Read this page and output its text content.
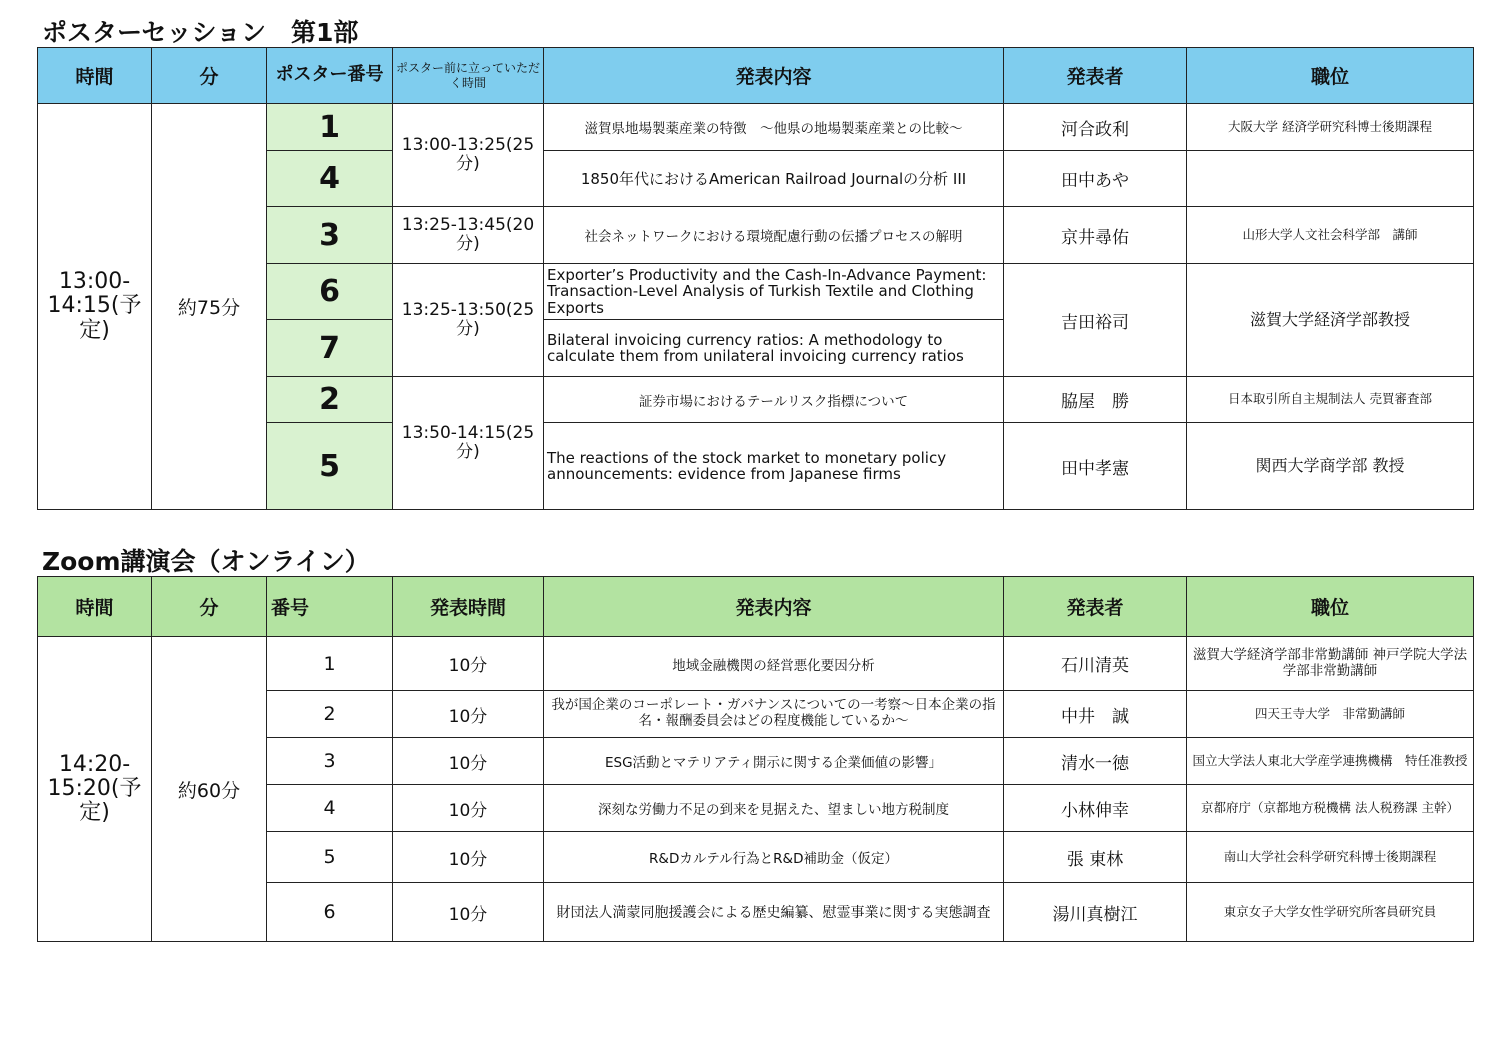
ポスターセッション　第1部
時間	分	ポスター番号	ポスター前に立っていただく時間	発表内容	発表者	職位
13:00-14:15(予定)	約75分	1	13:00-13:25(25分)	滋賀県地場製薬産業の特徴　～他県の地場製薬産業との比較～	河合政利	大阪大学 経済学研究科博士後期課程
		4		1850年代におけるAmerican Railroad Journalの分析 III	田中あや	
		3	13:25-13:45(20分)	社会ネットワークにおける環境配慮行動の伝播プロセスの解明	京井尋佑	山形大学人文社会科学部　講師
		6	13:25-13:50(25分)	Exporter’s Productivity and the Cash-In-Advance Payment: Transaction-Level Analysis of Turkish Textile and Clothing Exports	吉田裕司	滋賀大学経済学部教授
		7		Bilateral invoicing currency ratios: A methodology to calculate them from unilateral invoicing currency ratios		
		2	13:50-14:15(25分)	証券市場におけるテールリスク指標について	脇屋　勝	日本取引所自主規制法人 売買審査部
		5		The reactions of the stock market to monetary policy announcements: evidence from Japanese firms	田中孝憲	関西大学商学部 教授
Zoom講演会（オンライン）
時間	分	番号	発表時間	発表内容	発表者	職位
14:20-15:20(予定)	約60分	1	10分	地域金融機関の経営悪化要因分析	石川清英	滋賀大学経済学部非常勤講師 神戸学院大学法学部非常勤講師
		2	10分	我が国企業のコーポレート・ガバナンスについての一考察～日本企業の指名・報酬委員会はどの程度機能しているか～	中井　誠	四天王寺大学　非常勤講師
		3	10分	ESG活動とマテリアティ開示に関する企業価値の影響」	清水一徳	国立大学法人東北大学産学連携機構　特任准教授
		4	10分	深刻な労働力不足の到来を見据えた、望ましい地方税制度	小林伸幸	京都府庁（京都地方税機構 法人税務課 主幹）
		5	10分	R&Dカルテル行為とR&D補助金（仮定）	張 東林	南山大学社会科学研究科博士後期課程
		6	10分	財団法人満蒙同胞援護会による歴史編纂、慰霊事業に関する実態調査	湯川真樹江	東京女子大学女性学研究所客員研究員
